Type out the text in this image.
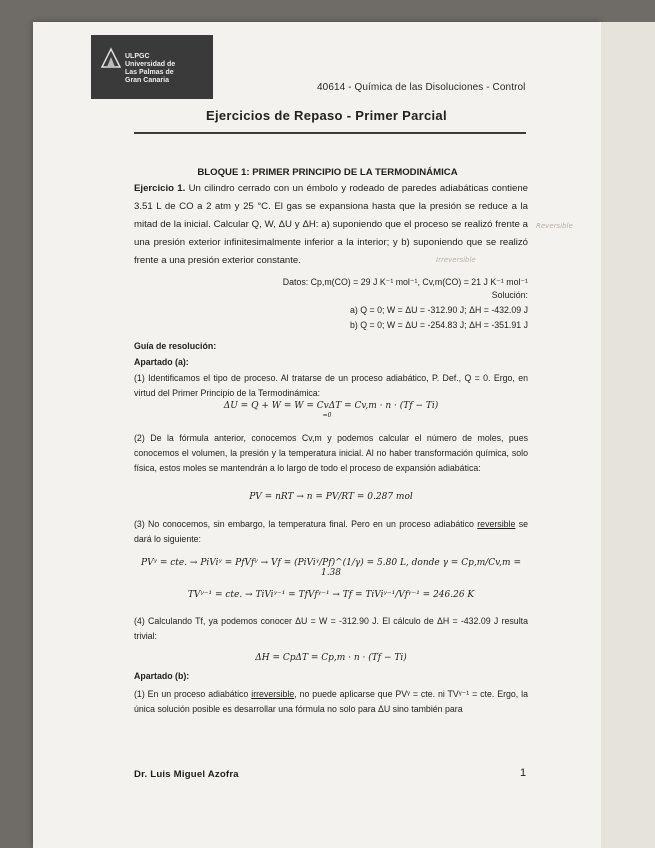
ULPGC
Universidad de
Las Palmas de
Gran Canaria
40614 - Química de las Disoluciones - Control
Ejercicios de Repaso - Primer Parcial
BLOQUE 1: PRIMER PRINCIPIO DE LA TERMODINÁMICA
Ejercicio 1. Un cilindro cerrado con un émbolo y rodeado de paredes adiabáticas contiene 3.51 L de CO a 2 atm y 25 °C. El gas se expansiona hasta que la presión se reduce a la mitad de la inicial. Calcular Q, W, ΔU y ΔH: a) suponiendo que el proceso se realizó frente a una presión exterior infinitesimalmente inferior a la interior; y b) suponiendo que se realizó frente a una presión exterior constante.
Reversible
Irreversible
Datos: Cp,m(CO) = 29 J K⁻¹ mol⁻¹, Cv,m(CO) = 21 J K⁻¹ mol⁻¹
Solución:
a) Q = 0; W = ΔU = -312.90 J; ΔH = -432.09 J
b) Q = 0; W = ΔU = -254.83 J; ΔH = -351.91 J
Guía de resolución:
Apartado (a):
(1) Identificamos el tipo de proceso. Al tratarse de un proceso adiabático, P. Def., Q = 0. Ergo, en virtud del Primer Principio de la Termodinámica:
ΔU = Q + W = W = CvΔT = Cv,m · n · (Tf − Ti)
=0
(2) De la fórmula anterior, conocemos Cv,m y podemos calcular el número de moles, pues conocemos el volumen, la presión y la temperatura inicial. Al no haber transformación química, solo física, estos moles se mantendrán a lo largo de todo el proceso de expansión adiabática:
PV = nRT → n = PV/RT = 0.287 mol
(3) No conocemos, sin embargo, la temperatura final. Pero en un proceso adiabático reversible se dará lo siguiente:
PVᵞ = cte. → PiViᵞ = PfVfᵞ → Vf = (PiViᵞ/Pf)^(1/γ) = 5.80 L, donde γ = Cp,m/Cv,m = 1.38
TVᵞ⁻¹ = cte. → TiViᵞ⁻¹ = TfVfᵞ⁻¹ → Tf = TiViᵞ⁻¹/Vfᵞ⁻¹ = 246.26 K
(4) Calculando Tf, ya podemos conocer ΔU = W = -312.90 J. El cálculo de ΔH = -432.09 J resulta trivial:
ΔH = CpΔT = Cp,m · n · (Tf − Ti)
Apartado (b):
(1) En un proceso adiabático irreversible, no puede aplicarse que PVᵞ = cte. ni TVᵞ⁻¹ = cte. Ergo, la única solución posible es desarrollar una fórmula no solo para ΔU sino también para
Dr. Luis Miguel Azofra	1
